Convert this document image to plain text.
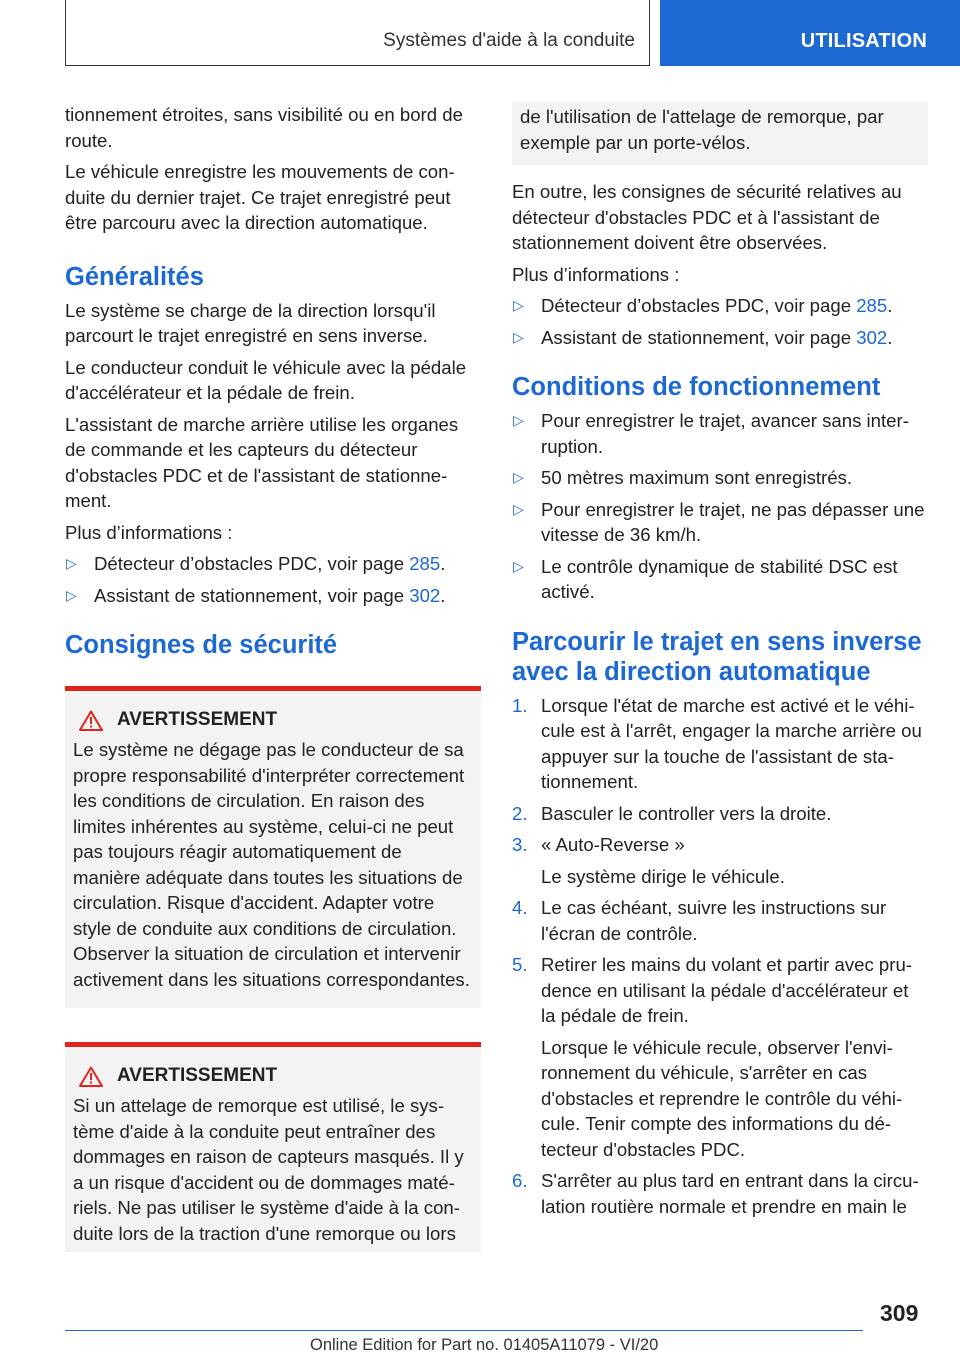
Systèmes d'aide à la conduite	UTILISATION

tionnement étroites, sans visibilité ou en bord de route.

Le véhicule enregistre les mouvements de conduite du dernier trajet. Ce trajet enregistré peut être parcouru avec la direction automatique.

Généralités

Le système se charge de la direction lorsqu'il parcourt le trajet enregistré en sens inverse.

Le conducteur conduit le véhicule avec la pédale d'accélérateur et la pédale de frein.

L'assistant de marche arrière utilise les organes de commande et les capteurs du détecteur d'obstacles PDC et de l'assistant de stationnement.

Plus d’informations :

▷ Détecteur d’obstacles PDC, voir page 285.
▷ Assistant de stationnement, voir page 302.
Consignes de sécurité
AVERTISSEMENT

Le système ne dégage pas le conducteur de sa propre responsabilité d'interpréter correctement les conditions de circulation. En raison des limites inhérentes au système, celui-ci ne peut pas toujours réagir automatiquement de manière adéquate dans toutes les situations de circulation. Risque d'accident. Adapter votre style de conduite aux conditions de circulation. Observer la situation de circulation et intervenir activement dans les situations correspondantes.

AVERTISSEMENT

Si un attelage de remorque est utilisé, le système d'aide à la conduite peut entraîner des dommages en raison de capteurs masqués. Il y a un risque d'accident ou de dommages matériels. Ne pas utiliser le système d'aide à la conduite lors de la traction d'une remorque ou lors

de l'utilisation de l'attelage de remorque, par exemple par un porte-vélos.

En outre, les consignes de sécurité relatives au détecteur d'obstacles PDC et à l'assistant de stationnement doivent être observées.

Plus d’informations :

▷ Détecteur d’obstacles PDC, voir page 285.
▷ Assistant de stationnement, voir page 302.
Conditions de fonctionnement
▷ Pour enregistrer le trajet, avancer sans interruption.
▷ 50 mètres maximum sont enregistrés.
▷ Pour enregistrer le trajet, ne pas dépasser une vitesse de 36 km/h.
▷ Le contrôle dynamique de stabilité DSC est activé.
Parcourir le trajet en sens inverse avec la direction automatique
1. Lorsque l'état de marche est activé et le véhicule est à l'arrêt, engager la marche arrière ou appuyer sur la touche de l'assistant de stationnement.
2. Basculer le controller vers la droite.
3. « Auto-Reverse »
Le système dirige le véhicule.
4. Le cas échéant, suivre les instructions sur l'écran de contrôle.
5. Retirer les mains du volant et partir avec prudence en utilisant la pédale d'accélérateur et la pédale de frein.
Lorsque le véhicule recule, observer l'environnement du véhicule, s'arrêter en cas d'obstacles et reprendre le contrôle du véhicule. Tenir compte des informations du détecteur d'obstacles PDC.
6. S'arrêter au plus tard en entrant dans la circulation routière normale et prendre en main le
309
Online Edition for Part no. 01405A11079 - VI/20
